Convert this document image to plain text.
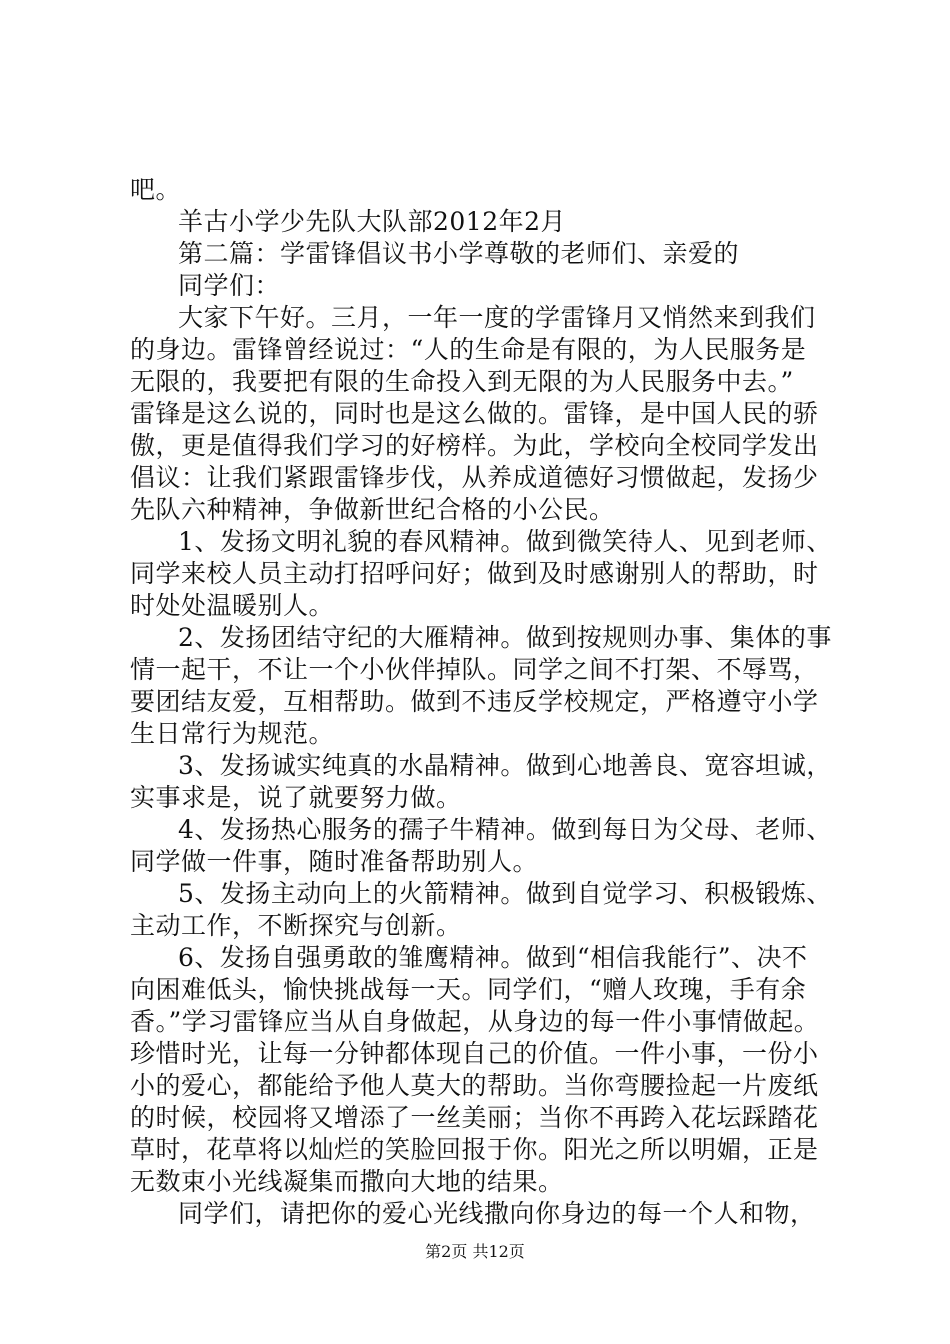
吧。
羊古小学少先队大队部2012年2月
第二篇：学雷锋倡议书小学尊敬的老师们、亲爱的
同学们：
大家下午好。三月，一年一度的学雷锋月又悄然来到我们
的身边。雷锋曾经说过：“人的生命是有限的，为人民服务是
无限的，我要把有限的生命投入到无限的为人民服务中去。”
雷锋是这么说的，同时也是这么做的。雷锋，是中国人民的骄
傲，更是值得我们学习的好榜样。为此，学校向全校同学发出
倡议：让我们紧跟雷锋步伐，从养成道德好习惯做起，发扬少
先队六种精神，争做新世纪合格的小公民。
1、发扬文明礼貌的春风精神。做到微笑待人、见到老师、
同学来校人员主动打招呼问好；做到及时感谢别人的帮助，时
时处处温暖别人。
2、发扬团结守纪的大雁精神。做到按规则办事、集体的事
情一起干，不让一个小伙伴掉队。同学之间不打架、不辱骂，
要团结友爱，互相帮助。做到不违反学校规定，严格遵守小学
生日常行为规范。
3、发扬诚实纯真的水晶精神。做到心地善良、宽容坦诚，
实事求是，说了就要努力做。
4、发扬热心服务的孺子牛精神。做到每日为父母、老师、
同学做一件事，随时准备帮助别人。
5、发扬主动向上的火箭精神。做到自觉学习、积极锻炼、
主动工作，不断探究与创新。
6、发扬自强勇敢的雏鹰精神。做到“相信我能行”、决不
向困难低头，愉快挑战每一天。同学们，“赠人玫瑰，手有余
香。”学习雷锋应当从自身做起，从身边的每一件小事情做起。
珍惜时光，让每一分钟都体现自己的价值。一件小事，一份小
小的爱心，都能给予他人莫大的帮助。当你弯腰捡起一片废纸
的时候，校园将又增添了一丝美丽；当你不再跨入花坛踩踏花
草时，花草将以灿烂的笑脸回报于你。阳光之所以明媚，正是
无数束小光线凝集而撒向大地的结果。
同学们，请把你的爱心光线撒向你身边的每一个人和物，
第2页 共12页
